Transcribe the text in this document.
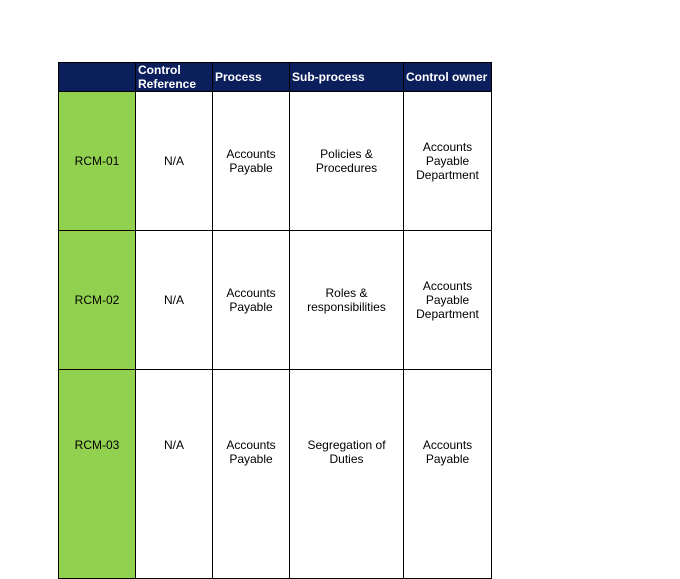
	Control Reference	Process	Sub-process	Control owner
RCM-01	N/A	Accounts Payable	Policies & Procedures	Accounts Payable Department
RCM-02	N/A	Accounts Payable	Roles & responsibilities	Accounts Payable Department
RCM-03	N/A	Accounts Payable	Segregation of Duties	Accounts Payable
